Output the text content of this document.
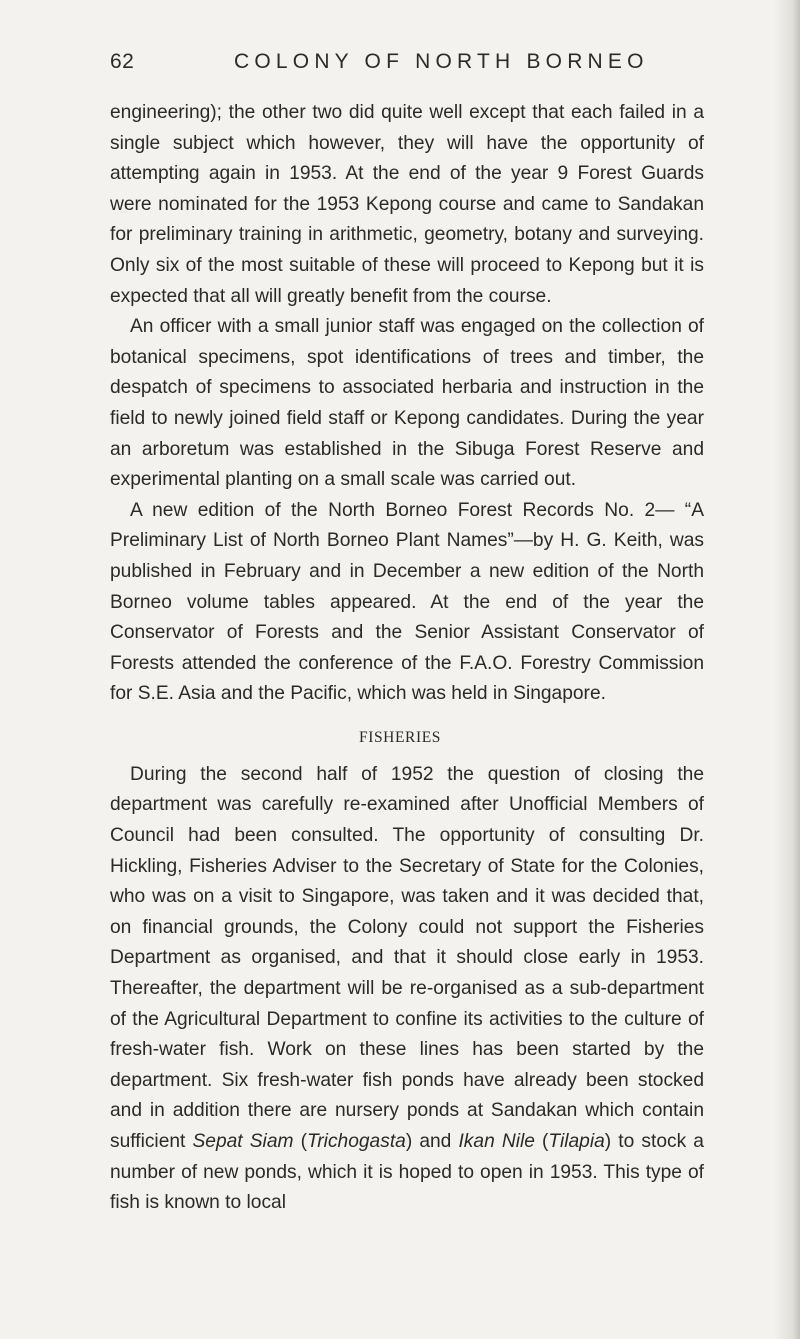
62	COLONY OF NORTH BORNEO

engineering); the other two did quite well except that each failed in a single subject which however, they will have the opportunity of attempting again in 1953. At the end of the year 9 Forest Guards were nominated for the 1953 Kepong course and came to Sandakan for preliminary training in arithmetic, geometry, botany and surveying. Only six of the most suitable of these will proceed to Kepong but it is expected that all will greatly benefit from the course.

An officer with a small junior staff was engaged on the collection of botanical specimens, spot identifications of trees and timber, the despatch of specimens to associated herbaria and instruction in the field to newly joined field staff or Kepong candidates. During the year an arboretum was established in the Sibuga Forest Reserve and experimental planting on a small scale was carried out.

A new edition of the North Borneo Forest Records No. 2— “A Preliminary List of North Borneo Plant Names”—by H. G. Keith, was published in February and in December a new edition of the North Borneo volume tables appeared. At the end of the year the Conservator of Forests and the Senior Assistant Conservator of Forests attended the conference of the F.A.O. Forestry Commission for S.E. Asia and the Pacific, which was held in Singapore.

FISHERIES

During the second half of 1952 the question of closing the department was carefully re-examined after Unofficial Members of Council had been consulted. The opportunity of consulting Dr. Hickling, Fisheries Adviser to the Secretary of State for the Colonies, who was on a visit to Singapore, was taken and it was decided that, on financial grounds, the Colony could not support the Fisheries Department as organised, and that it should close early in 1953. Thereafter, the department will be re-organised as a sub-department of the Agricultural Department to confine its activities to the culture of fresh-water fish. Work on these lines has been started by the department. Six fresh-water fish ponds have already been stocked and in addition there are nursery ponds at Sandakan which contain sufficient Sepat Siam (Trichogasta) and Ikan Nile (Tilapia) to stock a number of new ponds, which it is hoped to open in 1953. This type of fish is known to local
